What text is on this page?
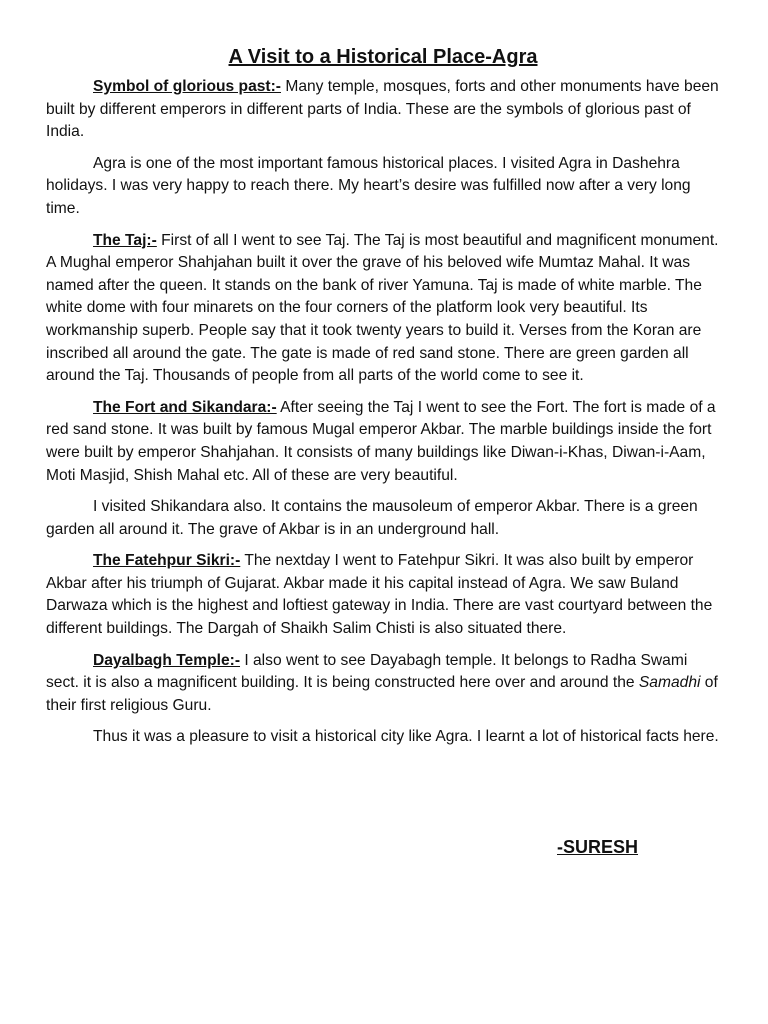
A Visit to a Historical Place-Agra

Symbol of glorious past:- Many temple, mosques, forts and other monuments have been built by different emperors in different parts of India. These are the symbols of glorious past of India.

Agra is one of the most important famous historical places. I visited Agra in Dashehra holidays. I was very happy to reach there. My heart’s desire was fulfilled now after a very long time.

The Taj:- First of all I went to see Taj. The Taj is most beautiful and magnificent monument. A Mughal emperor Shahjahan built it over the grave of his beloved wife Mumtaz Mahal. It was named after the queen. It stands on the bank of river Yamuna. Taj is made of white marble. The white dome with four minarets on the four corners of the platform look very beautiful. Its workmanship superb. People say that it took twenty years to build it. Verses from the Koran are inscribed all around the gate. The gate is made of red sand stone. There are green garden all around the Taj. Thousands of people from all parts of the world come to see it.

The Fort and Sikandara:- After seeing the Taj I went to see the Fort. The fort is made of a red sand stone. It was built by famous Mugal emperor Akbar. The marble buildings inside the fort were built by emperor Shahjahan. It consists of many buildings like Diwan-i-Khas, Diwan-i-Aam, Moti Masjid, Shish Mahal etc. All of these are very beautiful.

I visited Shikandara also. It contains the mausoleum of emperor Akbar. There is a green garden all around it. The grave of Akbar is in an underground hall.

The Fatehpur Sikri:- The nextday I went to Fatehpur Sikri. It was also built by emperor Akbar after his triumph of Gujarat. Akbar made it his capital instead of Agra. We saw Buland Darwaza which is the highest and loftiest gateway in India. There are vast courtyard between the different buildings. The Dargah of Shaikh Salim Chisti is also situated there.

Dayalbagh Temple:- I also went to see Dayabagh temple. It belongs to Radha Swami sect. it is also a magnificent building. It is being constructed here over and around the Samadhi of their first religious Guru.

Thus it was a pleasure to visit a historical city like Agra. I learnt a lot of historical facts here.

-SURESH
